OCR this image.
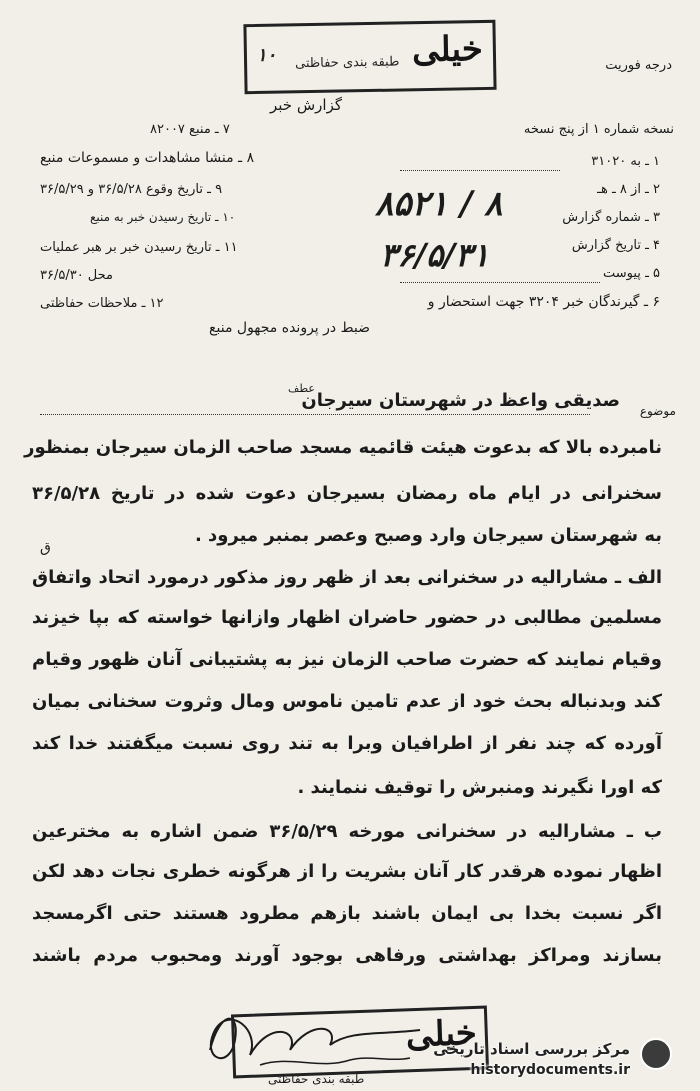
خیلی
طبقه بندی حفاظتی
۱۰	درجه فوریت
گزارش خبر
نسخه شماره ۱ از پنج نسخه
۱ ـ به ۳۱۰۲۰
۲ ـ از ۸ ـ هـ
۳ ـ شماره گزارش
۴ ـ تاریخ گزارش
۵ ـ پیوست
۶ ـ گیرندگان خبر ۳۲۰۴ جهت استحضار و
ضبط در پرونده مجهول منبع
۷ ـ منبع ۸۲۰۰۷
۸ ـ منشا مشاهدات و مسموعات منبع
۹ ـ تاریخ وقوع ۳۶/۵/۲۸ و ۳۶/۵/۲۹
۱۰ ـ تاریخ رسیدن خبر به منبع
۱۱ ـ تاریخ رسیدن خبر بر هبر عملیات
محل ۳۶/۵/۳۰
۱۲ ـ ملاحظات حفاظتی
۸۵۲۱ / ۸
۳۶/۵/۳۱
موضوع
صدیقی واعظ در شهرستان سیرجان
عطف
نامبرده بالا که بدعوت هیئت قائمیه مسجد صاحب الزمان سیرجان بمنظور
سخنرانی در ایام ماه رمضان بسیرجان دعوت شده در تاریخ ۳۶/۵/۲۸
به شهرستان سیرجان وارد وصبح وعصر بمنبر میرود .
الف ـ مشارالیه در سخنرانی بعد از ظهر روز مذکور درمورد اتحاد واتفاق
مسلمین مطالبی در حضور حاضران اظهار وازانها خواسته که بپا خیزند
وقیام نمایند که حضرت صاحب الزمان نیز به پشتیبانی آنان ظهور وقیام
کند وبدنباله بحث خود از عدم تامین ناموس ومال وثروت سخنانی بمیان
آورده که چند نفر از اطرافیان وبرا به تند روی نسبت میگفتند خدا کند
که اورا نگیرند ومنبرش را توقیف ننمایند .
ب ـ مشارالیه در سخنرانی مورخه ۳۶/۵/۲۹ ضمن اشاره به مخترعین
اظهار نموده هرقدر کار آنان بشریت را از هرگونه خطری نجات دهد لکن
اگر نسبت بخدا بی ایمان باشند بازهم مطرود هستند حتی اگرمسجد
بسازند ومراکز بهداشتی ورفاهی بوجود آورند ومحبوب مردم باشند
ق
خیلی
طبقه بندی حفاظتی
مرکز بررسی اسناد تاریخی
historydocuments.ir
